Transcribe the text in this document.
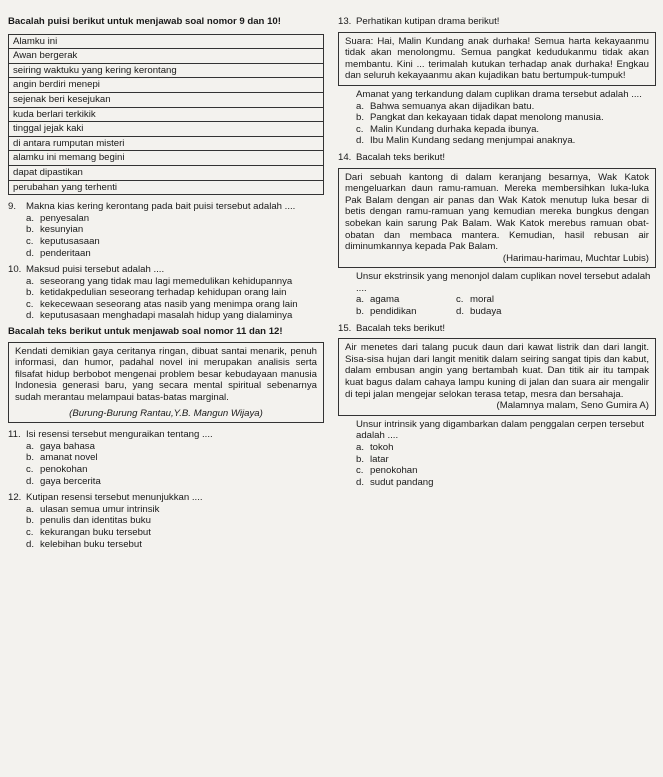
Bacalah puisi berikut untuk menjawab soal nomor 9 dan 10!
Alamku ini
Awan bergerak
seiring waktuku yang kering kerontang
angin berdiri menepi
sejenak beri kesejukan
kuda berlari terkikik
tinggal jejak kaki
di antara rumputan misteri
alamku ini memang begini
dapat dipastikan
perubahan yang terhenti
9.	Makna kias kering kerontang pada bait puisi tersebut adalah ....
a. penyesalan
b. kesunyian
c. keputusasaan
d. penderitaan
10. Maksud puisi tersebut adalah ....
a. seseorang yang tidak mau lagi memedulikan kehidupannya
b. ketidakpedulian seseorang terhadap kehidupan orang lain
c. kekecewaan seseorang atas nasib yang menimpa orang lain
d. keputusasaan menghadapi masalah hidup yang dialaminya
Bacalah teks berikut untuk menjawab soal nomor 11 dan 12!
Kendati demikian gaya ceritanya ringan, dibuat santai menarik, penuh informasi, dan humor, padahal novel ini merupakan analisis serta filsafat hidup berbobot mengenai problem besar kebudayaan manusia Indonesia generasi baru, yang secara mental spiritual sebenarnya sudah merantau melampaui batas-batas marginal.
(Burung-Burung Rantau,Y.B. Mangun Wijaya)
11. Isi resensi tersebut menguraikan tentang ....
a. gaya bahasa
b. amanat novel
c. penokohan
d. gaya bercerita
12. Kutipan resensi tersebut menunjukkan ....
a. ulasan semua umur intrinsik
b. penulis dan identitas buku
c. kekurangan buku tersebut
d. kelebihan buku tersebut
13. Perhatikan kutipan drama berikut!
Suara: Hai, Malin Kundang anak durhaka! Semua harta kekayaanmu tidak akan menolongmu. Semua pangkat kedudukanmu tidak akan membantu. Kini ... terimalah kutukan terhadap anak durhaka! Engkau dan seluruh kekayaanmu akan kujadikan batu bertumpuk-tumpuk!
Amanat yang terkandung dalam cuplikan drama tersebut adalah ....
a. Bahwa semuanya akan dijadikan batu.
b. Pangkat dan kekayaan tidak dapat menolong manusia.
c. Malin Kundang durhaka kepada ibunya.
d. Ibu Malin Kundang sedang menjumpai anaknya.
14. Bacalah teks berikut!
Dari sebuah kantong di dalam keranjang besarnya, Wak Katok mengeluarkan daun ramu-ramuan. Mereka membersihkan luka-luka Pak Balam dengan air panas dan Wak Katok menutup luka besar di betis dengan ramu-ramuan yang kemudian mereka bungkus dengan sobekan kain sarung Pak Balam. Wak Katok merebus ramuan obat-obatan dan membaca mantera. Kemudian, hasil rebusan air diminumkannya kepada Pak Balam.
(Harimau-harimau, Muchtar Lubis)
Unsur ekstrinsik yang menonjol dalam cuplikan novel tersebut adalah ....
a. agama	c. moral
b. pendidikan	d. budaya
15. Bacalah teks berikut!
Air menetes dari talang pucuk daun dari kawat listrik dan dari langit. Sisa-sisa hujan dari langit menitik dalam seiring sangat tipis dan kabut, dalam embusan angin yang bertambah kuat. Dan titik air itu tampak kuat bagus dalam cahaya lampu kuning di jalan dan suara air mengalir di tepi jalan mengejar selokan terasa tetap, mesra dan bersahaja.
(Malamnya malam, Seno Gumira A)
Unsur intrinsik yang digambarkan dalam penggalan cerpen tersebut adalah ....
a. tokoh
b. latar
c. penokohan
d. sudut pandang
